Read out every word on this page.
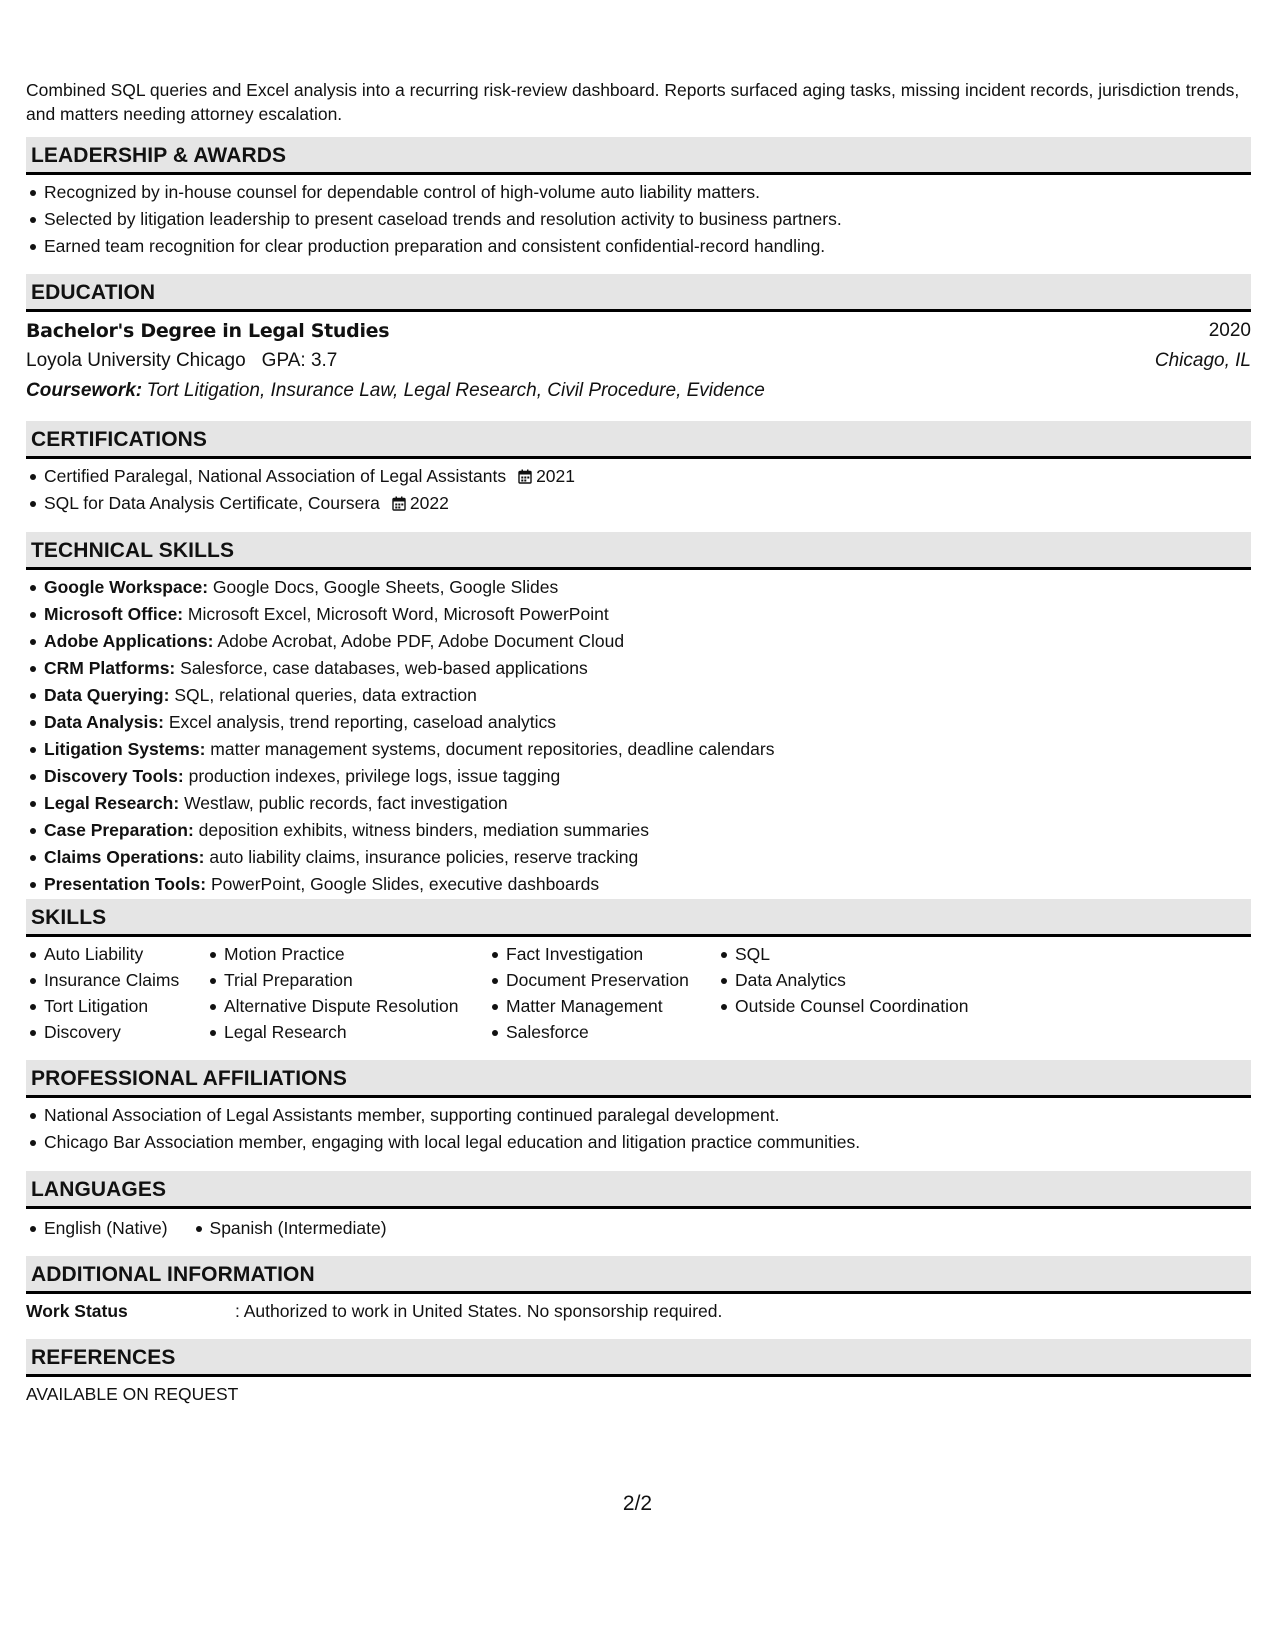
Combined SQL queries and Excel analysis into a recurring risk-review dashboard. Reports surfaced aging tasks, missing incident records, jurisdiction trends, and matters needing attorney escalation.
LEADERSHIP & AWARDS
Recognized by in-house counsel for dependable control of high-volume auto liability matters.
Selected by litigation leadership to present caseload trends and resolution activity to business partners.
Earned team recognition for clear production preparation and consistent confidential-record handling.
EDUCATION
Bachelor's Degree in Legal Studies	2020
Loyola University Chicago GPA: 3.7	Chicago, IL
Coursework: Tort Litigation, Insurance Law, Legal Research, Civil Procedure, Evidence
CERTIFICATIONS
Certified Paralegal, National Association of Legal Assistants 2021
SQL for Data Analysis Certificate, Coursera 2022
TECHNICAL SKILLS
Google Workspace: Google Docs, Google Sheets, Google Slides
Microsoft Office: Microsoft Excel, Microsoft Word, Microsoft PowerPoint
Adobe Applications: Adobe Acrobat, Adobe PDF, Adobe Document Cloud
CRM Platforms: Salesforce, case databases, web-based applications
Data Querying: SQL, relational queries, data extraction
Data Analysis: Excel analysis, trend reporting, caseload analytics
Litigation Systems: matter management systems, document repositories, deadline calendars
Discovery Tools: production indexes, privilege logs, issue tagging
Legal Research: Westlaw, public records, fact investigation
Case Preparation: deposition exhibits, witness binders, mediation summaries
Claims Operations: auto liability claims, insurance policies, reserve tracking
Presentation Tools: PowerPoint, Google Slides, executive dashboards
SKILLS
Auto Liability
Insurance Claims
Tort Litigation
Discovery
Motion Practice
Trial Preparation
Alternative Dispute Resolution
Legal Research
Fact Investigation
Document Preservation
Matter Management
Salesforce
SQL
Data Analytics
Outside Counsel Coordination
PROFESSIONAL AFFILIATIONS
National Association of Legal Assistants member, supporting continued paralegal development.
Chicago Bar Association member, engaging with local legal education and litigation practice communities.
LANGUAGES
English (Native) Spanish (Intermediate)
ADDITIONAL INFORMATION
Work Status	: Authorized to work in United States. No sponsorship required.
REFERENCES
AVAILABLE ON REQUEST
2/2
